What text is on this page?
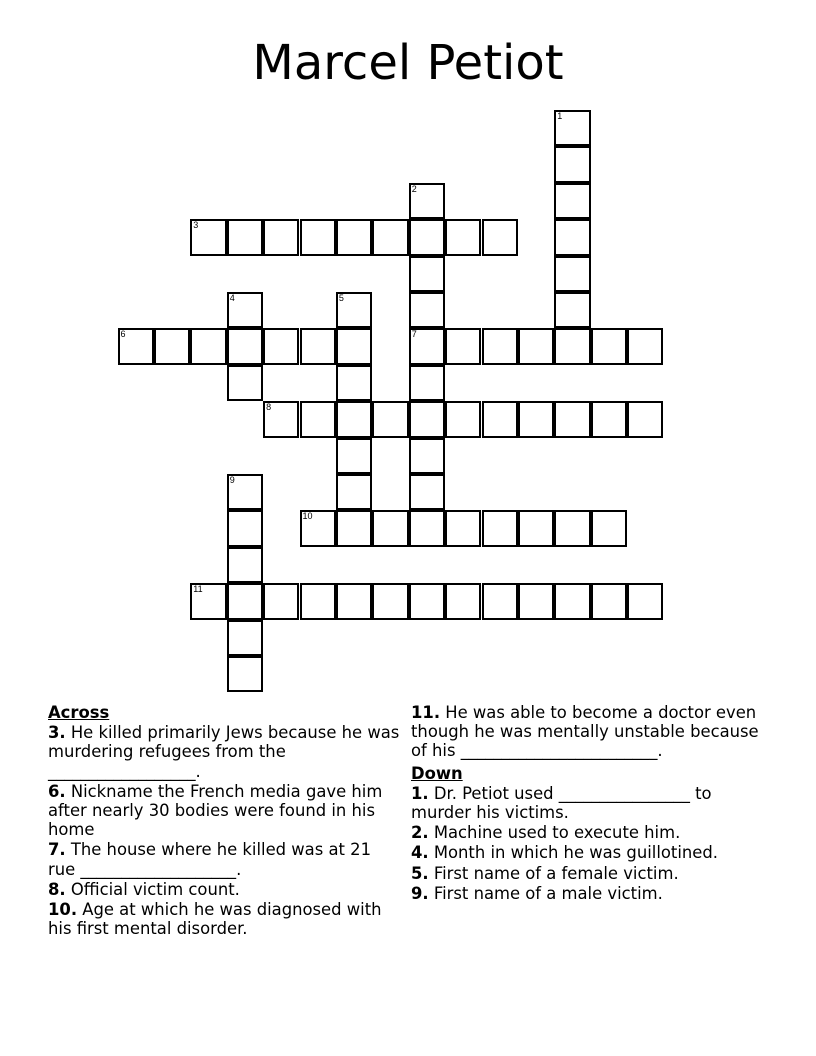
Marcel Petiot
3
6	7
8
10
11
1
2
4	5
9
Across
3. He killed primarily Jews because he was murdering refugees from the __________________.
6. Nickname the French media gave him after nearly 30 bodies were found in his home
7. The house where he killed was at 21 rue ___________________.
8. Official victim count.
10. Age at which he was diagnosed with his first mental disorder.
11. He was able to become a doctor even though he was mentally unstable because of his ________________________.
Down
1. Dr. Petiot used ________________ to murder his victims.
2. Machine used to execute him.
4. Month in which he was guillotined.
5. First name of a female victim.
9. First name of a male victim.
